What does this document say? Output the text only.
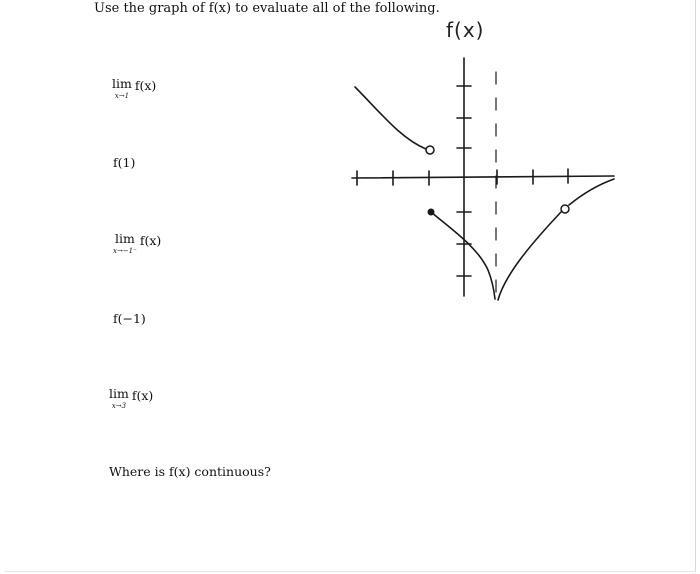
Use the graph of f(x) to evaluate all of the following.
lim
x→1
f(x)
f(1)
lim
x→−1⁻
f(x)
f(−1)
lim
x→3
f(x)
Where is f(x) continuous?
f(x)
